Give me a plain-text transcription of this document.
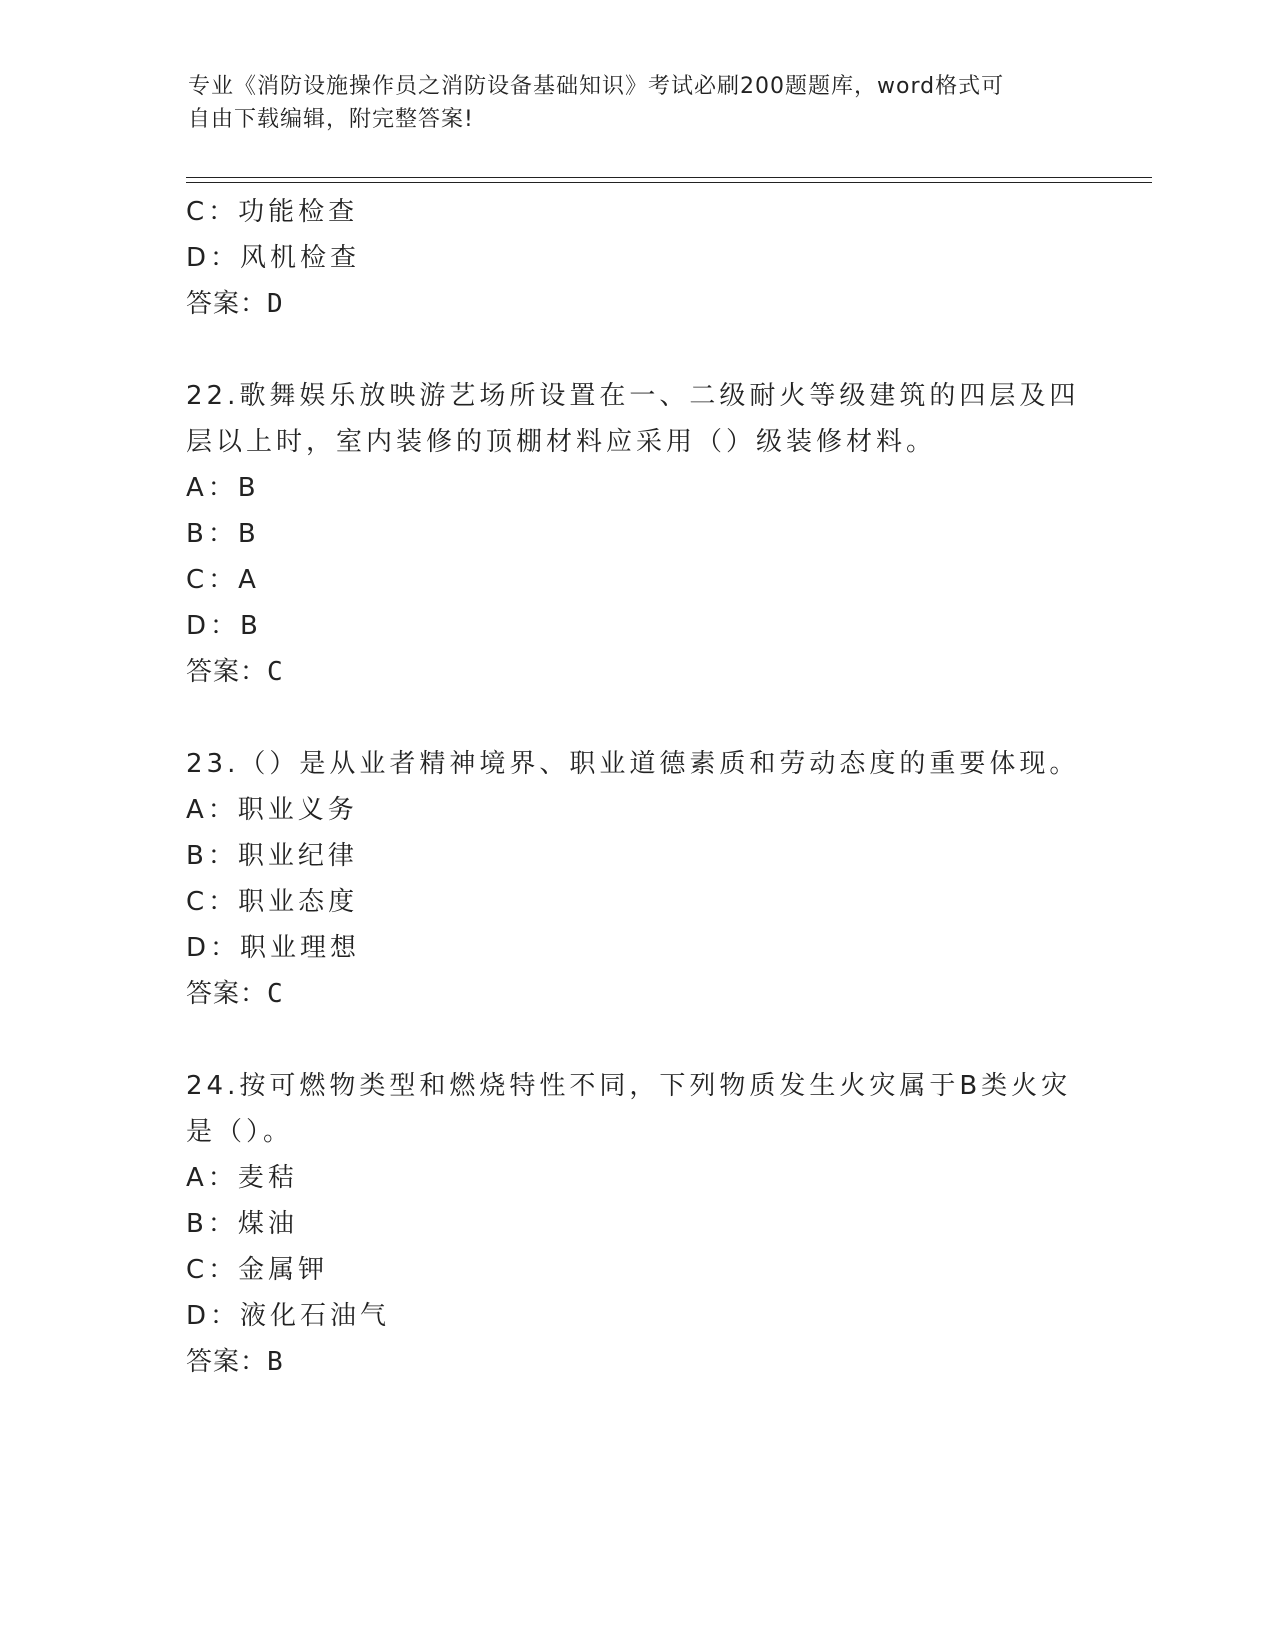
专业《消防设施操作员之消防设备基础知识》考试必刷200题题库，word格式可
自由下载编辑，附完整答案!
C：功能检查
D：风机检查
答案：D
22.歌舞娱乐放映游艺场所设置在一、二级耐火等级建筑的四层及四层以上时，室内装修的顶棚材料应采用（）级装修材料。
A：B
B：B
C：A
D：B
答案：C
23.（）是从业者精神境界、职业道德素质和劳动态度的重要体现。
A：职业义务
B：职业纪律
C：职业态度
D：职业理想
答案：C
24.按可燃物类型和燃烧特性不同，下列物质发生火灾属于B类火灾是（）。
A：麦秸
B：煤油
C：金属钾
D：液化石油气
答案：B
